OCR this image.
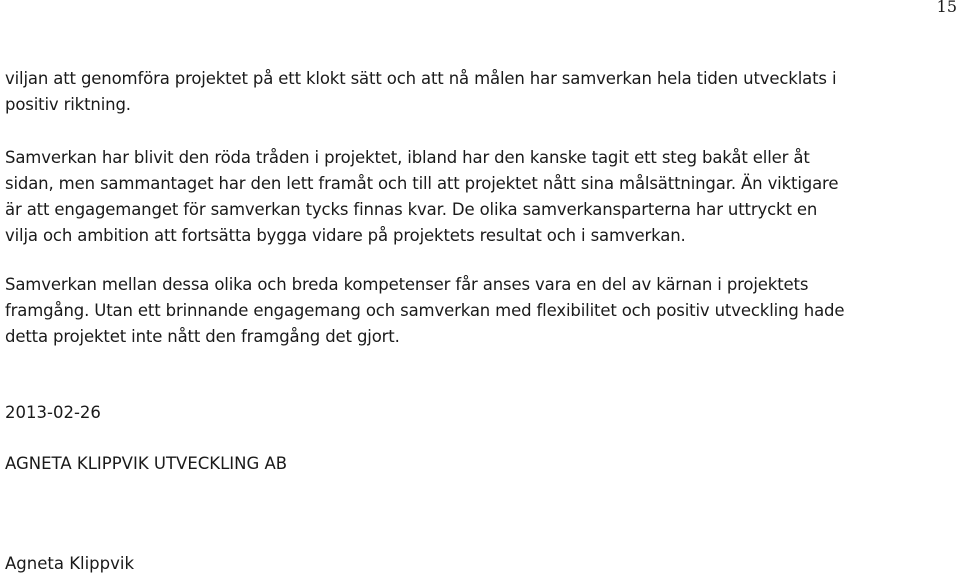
15
viljan att genomföra projektet på ett klokt sätt och att nå målen har samverkan hela tiden utvecklats i
positiv riktning.
Samverkan har blivit den röda tråden i projektet, ibland har den kanske tagit ett steg bakåt eller åt
sidan, men sammantaget har den lett framåt och till att projektet nått sina målsättningar. Än viktigare
är att engagemanget för samverkan tycks finnas kvar. De olika samverkansparterna har uttryckt en
vilja och ambition att fortsätta bygga vidare på projektets resultat och i samverkan.
Samverkan mellan dessa olika och breda kompetenser får anses vara en del av kärnan i projektets
framgång. Utan ett brinnande engagemang och samverkan med flexibilitet och positiv utveckling hade
detta projektet inte nått den framgång det gjort.
2013-02-26
AGNETA KLIPPVIK UTVECKLING AB
Agneta Klippvik
